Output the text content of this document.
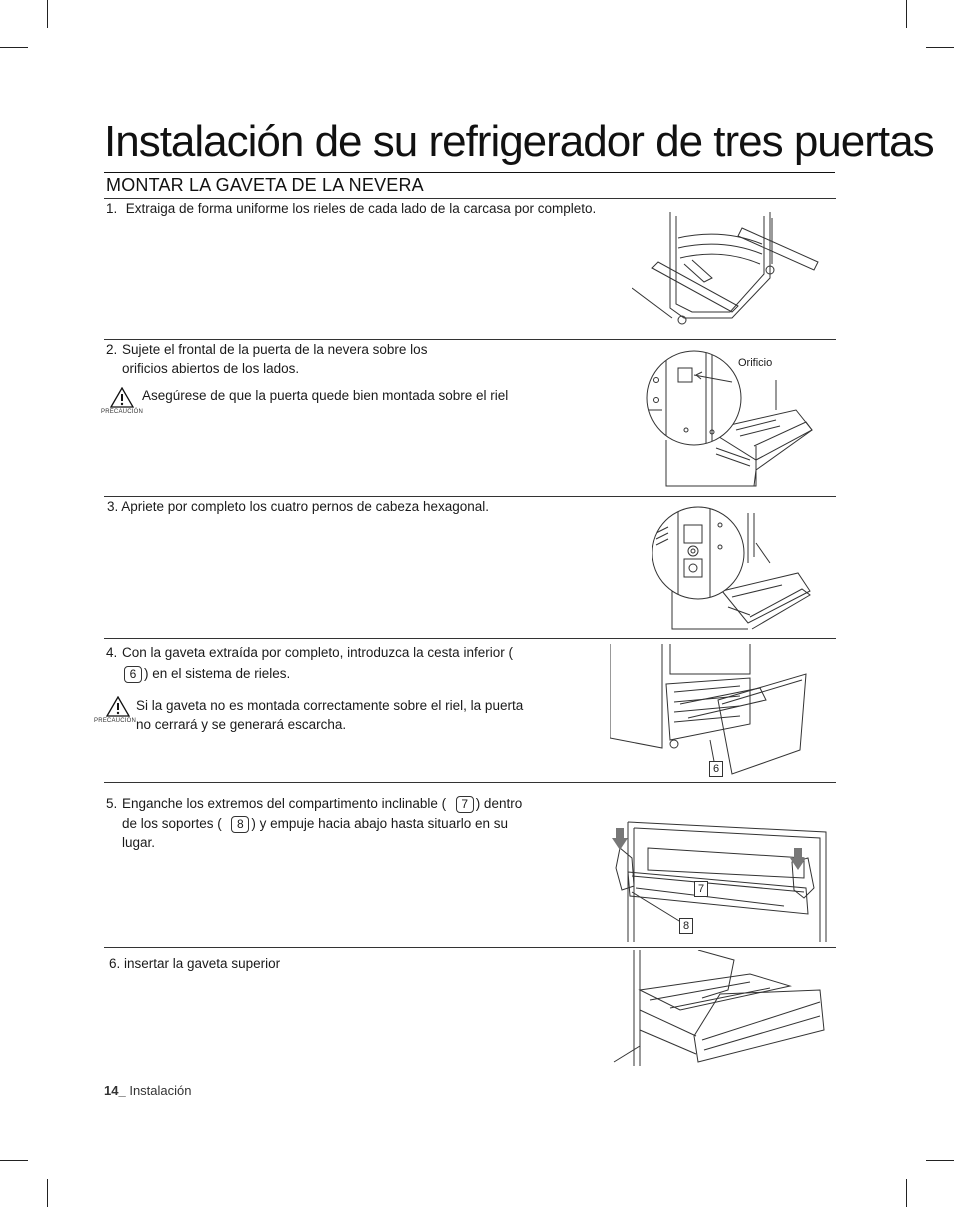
Instalación de su refrigerador de tres puertas
MONTAR LA GAVETA DE LA NEVERA
1. Extraiga de forma uniforme los rieles de cada lado de la carcasa por completo.
2. Sujete el frontal de la puerta de la nevera sobre los
orificios abiertos de los lados.
PRECAUCIÓN
Asegúrese de que la puerta quede bien montada sobre el riel
Orificio
3. Apriete por completo los cuatro pernos de cabeza hexagonal.
4. Con la gaveta extraída por completo, introduzca la cesta inferior (
6 ) en el sistema de rieles.
PRECAUCIÓN
Si la gaveta no es montada correctamente sobre el riel, la puerta
no cerrará y se generará escarcha.
6
5. Enganche los extremos del compartimento inclinable ( 7 ) dentro
de los soportes ( 8 ) y empuje hacia abajo hasta situarlo en su
lugar.
7
8
6. insertar la gaveta superior
14_ Instalación
